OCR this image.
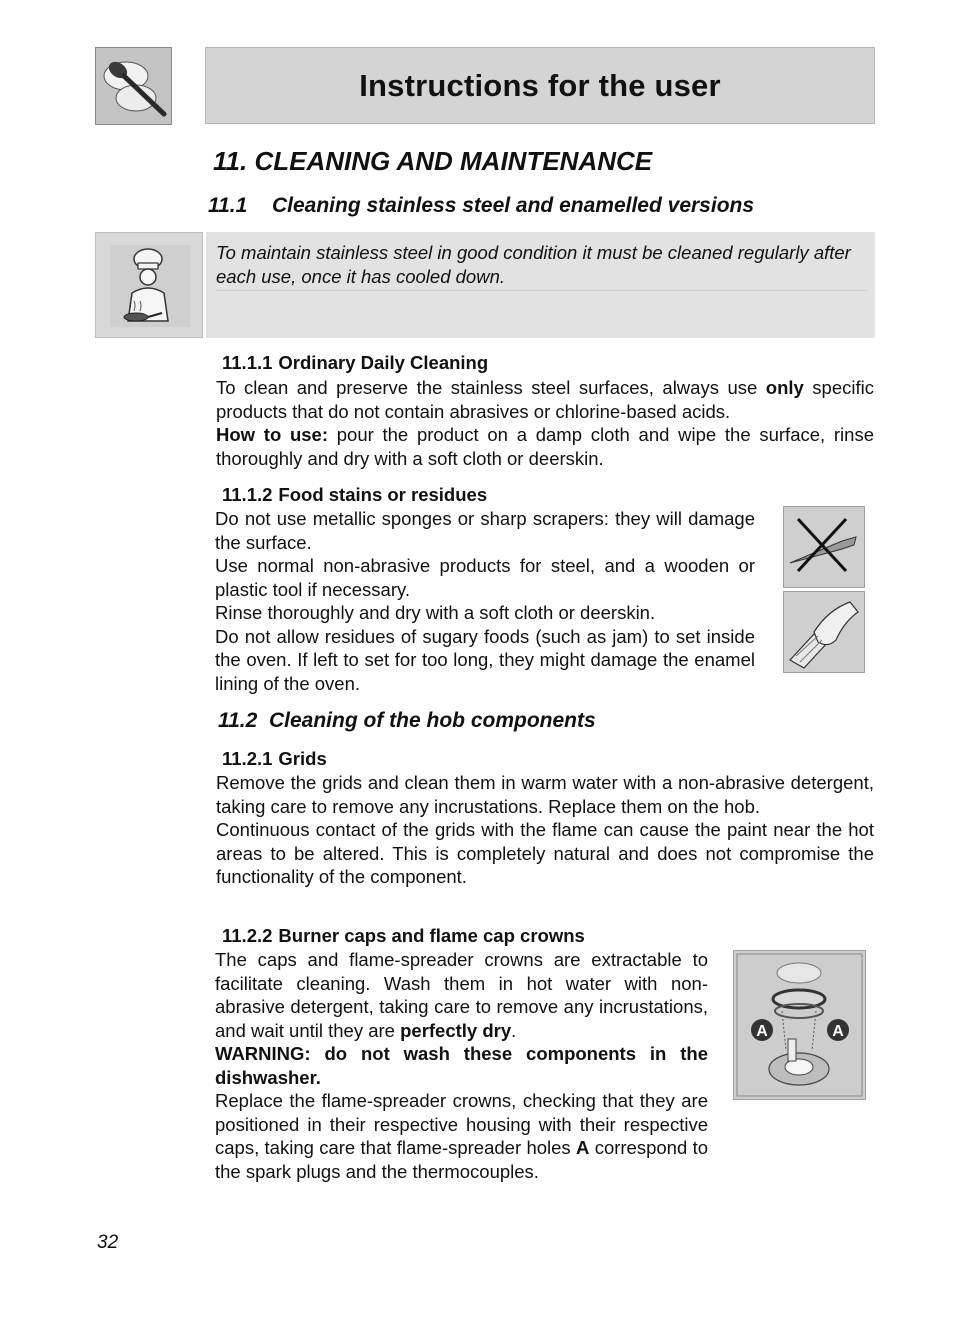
Instructions for the user
11. CLEANING AND MAINTENANCE
11.1 Cleaning stainless steel and enamelled versions
To maintain stainless steel in good condition it must be cleaned regularly after each use, once it has cooled down.
11.1.1 Ordinary Daily Cleaning

To clean and preserve the stainless steel surfaces, always use only specific products that do not contain abrasives or chlorine-based acids.

How to use: pour the product on a damp cloth and wipe the surface, rinse thoroughly and dry with a soft cloth or deerskin.

11.1.2 Food stains or residues

Do not use metallic sponges or sharp scrapers: they will damage the surface.

Use normal non-abrasive products for steel, and a wooden or plastic tool if necessary.

Rinse thoroughly and dry with a soft cloth or deerskin.

Do not allow residues of sugary foods (such as jam) to set inside the oven. If left to set for too long, they might damage the enamel lining of the oven.

11.2 Cleaning of the hob components
11.2.1 Grids

Remove the grids and clean them in warm water with a non-abrasive detergent, taking care to remove any incrustations. Replace them on the hob.

Continuous contact of the grids with the flame can cause the paint near the hot areas to be altered. This is completely natural and does not compromise the functionality of the component.

11.2.2 Burner caps and flame cap crowns

The caps and flame-spreader crowns are extractable to facilitate cleaning. Wash them in hot water with non-abrasive detergent, taking care to remove any incrustations, and wait until they are perfectly dry.

WARNING: do not wash these components in the dishwasher.

Replace the flame-spreader crowns, checking that they are positioned in their respective housing with their respective caps, taking care that flame-spreader holes A correspond to the spark plugs and the thermocouples.

A	A
32
